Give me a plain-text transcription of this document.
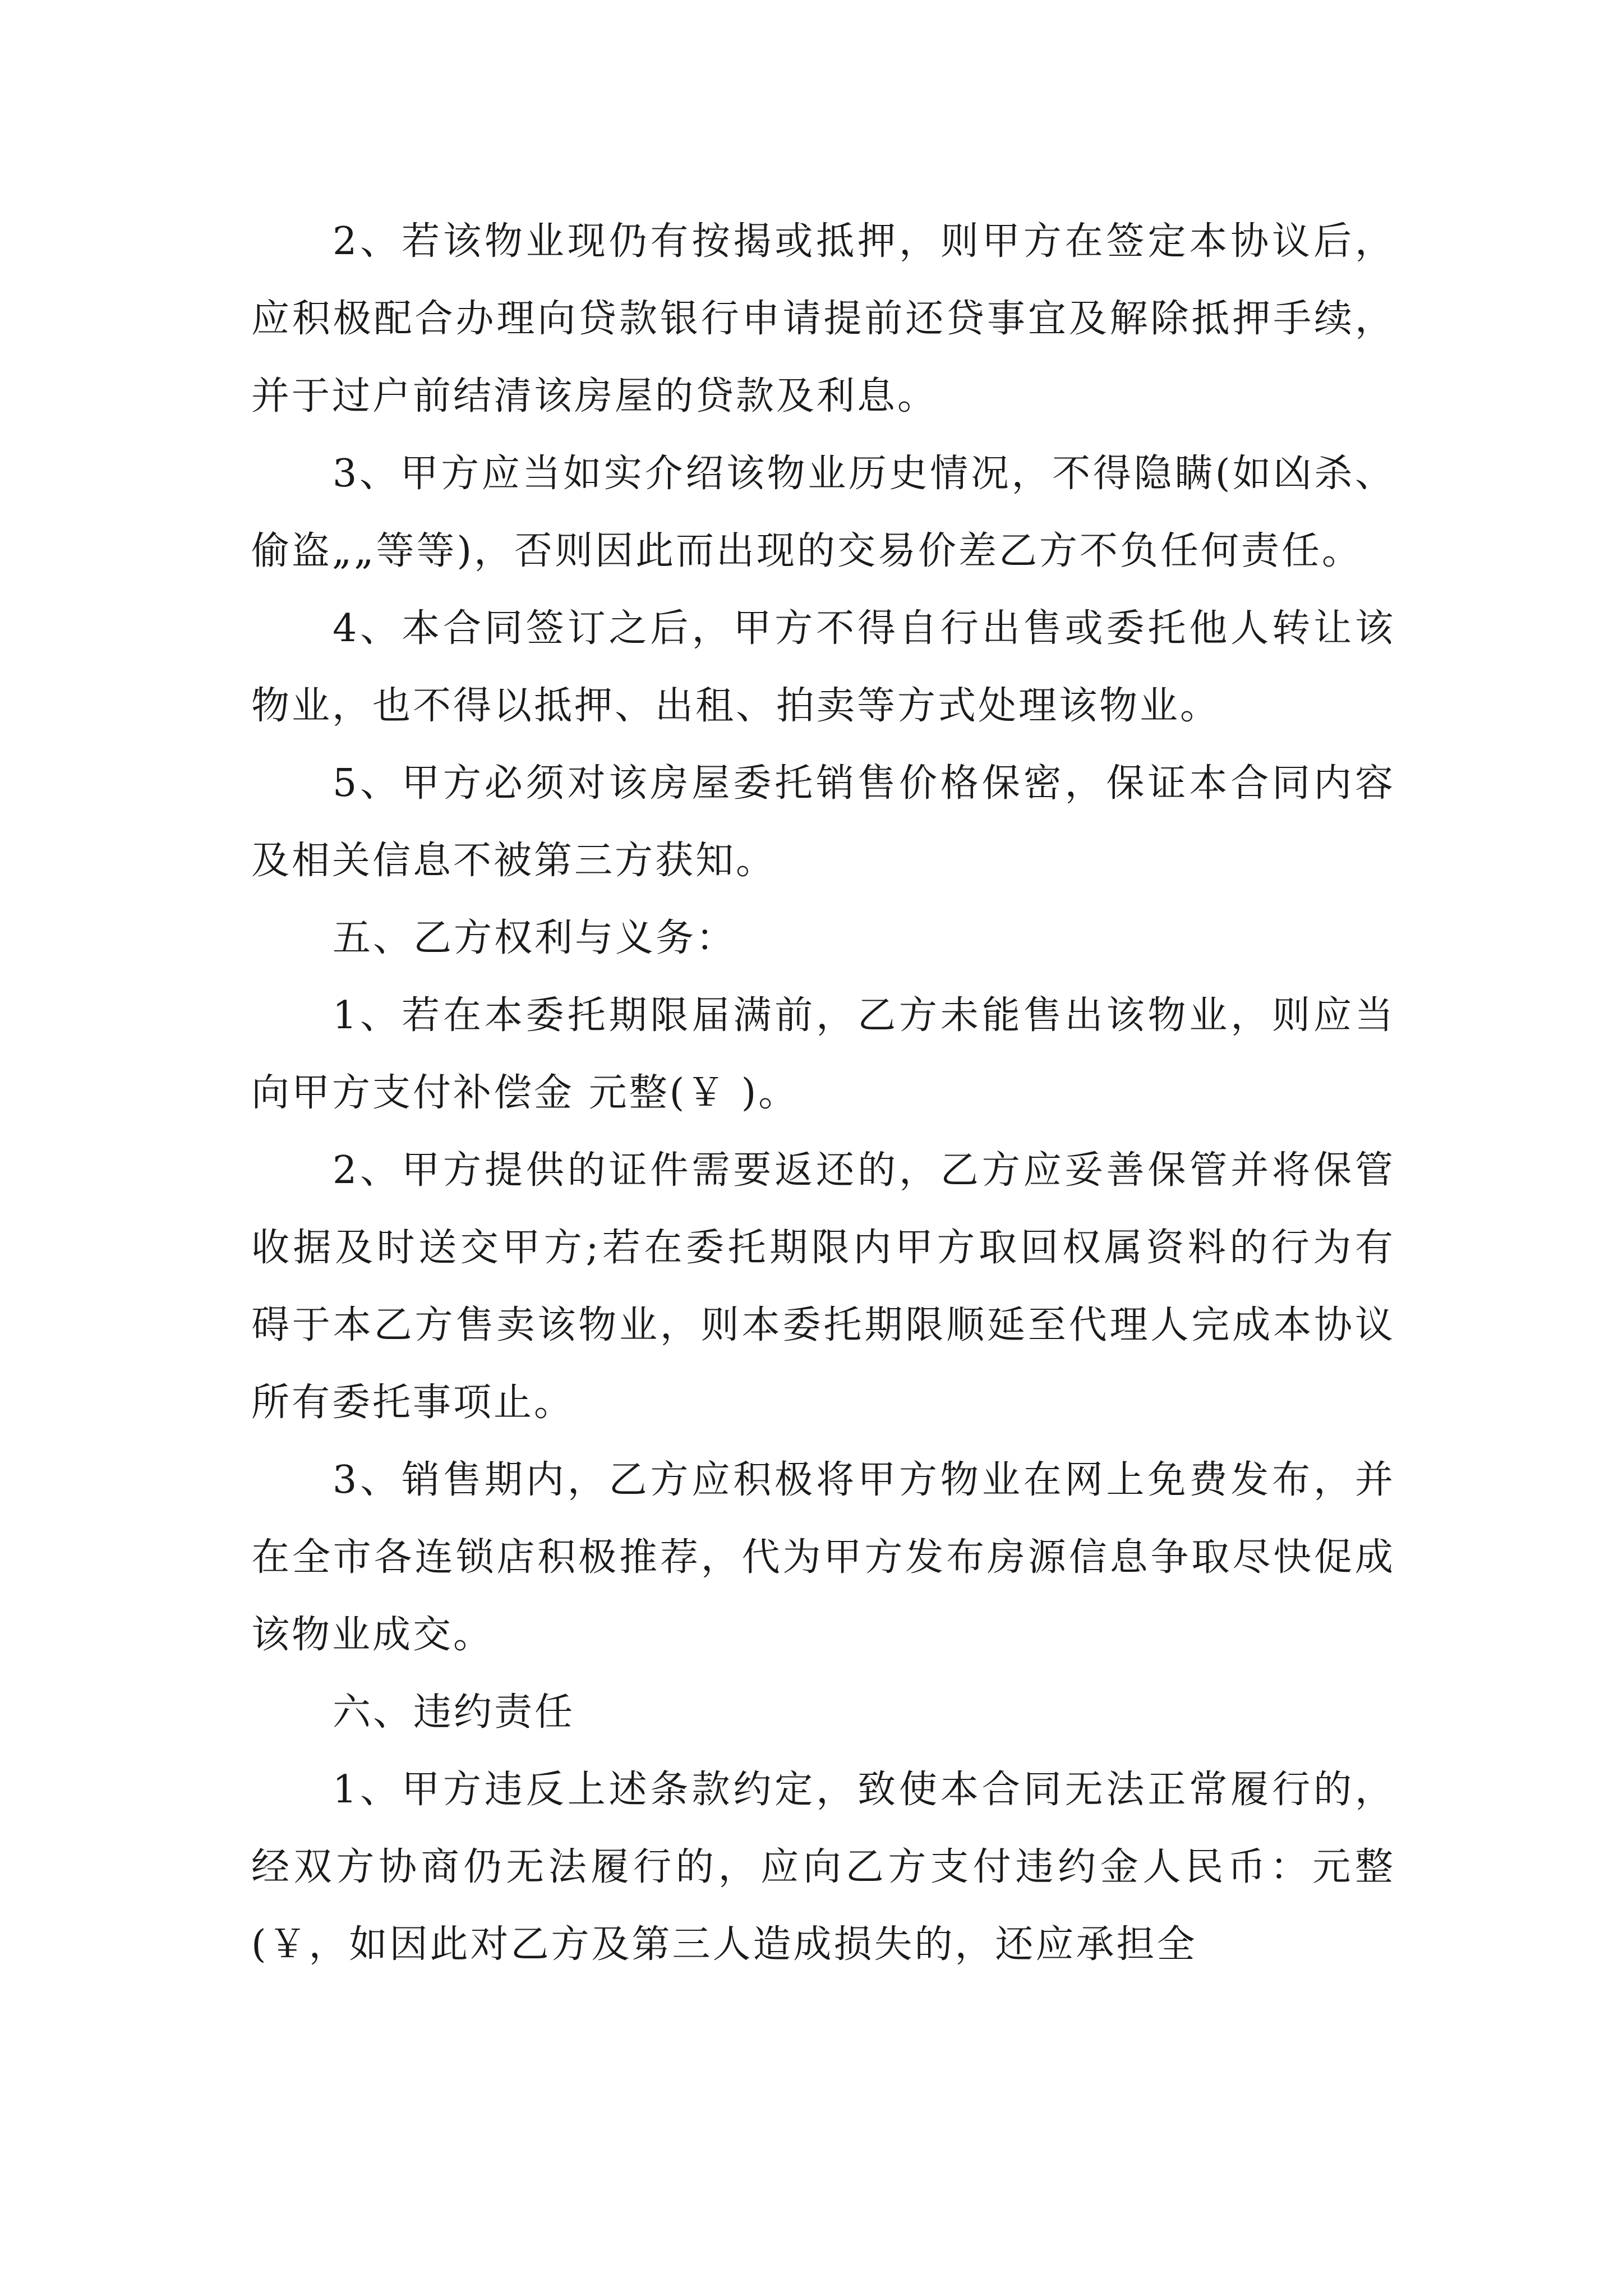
2、若该物业现仍有按揭或抵押，则甲方在签定本协议后，应积极配合办理向贷款银行申请提前还贷事宜及解除抵押手续，并于过户前结清该房屋的贷款及利息。

3、甲方应当如实介绍该物业历史情况，不得隐瞒(如凶杀、偷盗„„等等)，否则因此而出现的交易价差乙方不负任何责任。

4、本合同签订之后，甲方不得自行出售或委托他人转让该物业，也不得以抵押、出租、拍卖等方式处理该物业。

5、甲方必须对该房屋委托销售价格保密，保证本合同内容及相关信息不被第三方获知。

五、乙方权利与义务：

1、若在本委托期限届满前，乙方未能售出该物业，则应当向甲方支付补偿金 元整(￥ )。

2、甲方提供的证件需要返还的，乙方应妥善保管并将保管收据及时送交甲方;若在委托期限内甲方取回权属资料的行为有碍于本乙方售卖该物业，则本委托期限顺延至代理人完成本协议所有委托事项止。

3、销售期内，乙方应积极将甲方物业在网上免费发布，并在全市各连锁店积极推荐，代为甲方发布房源信息争取尽快促成该物业成交。

六、违约责任

1、甲方违反上述条款约定，致使本合同无法正常履行的，经双方协商仍无法履行的，应向乙方支付违约金人民币：元整(￥，如因此对乙方及第三人造成损失的，还应承担全
